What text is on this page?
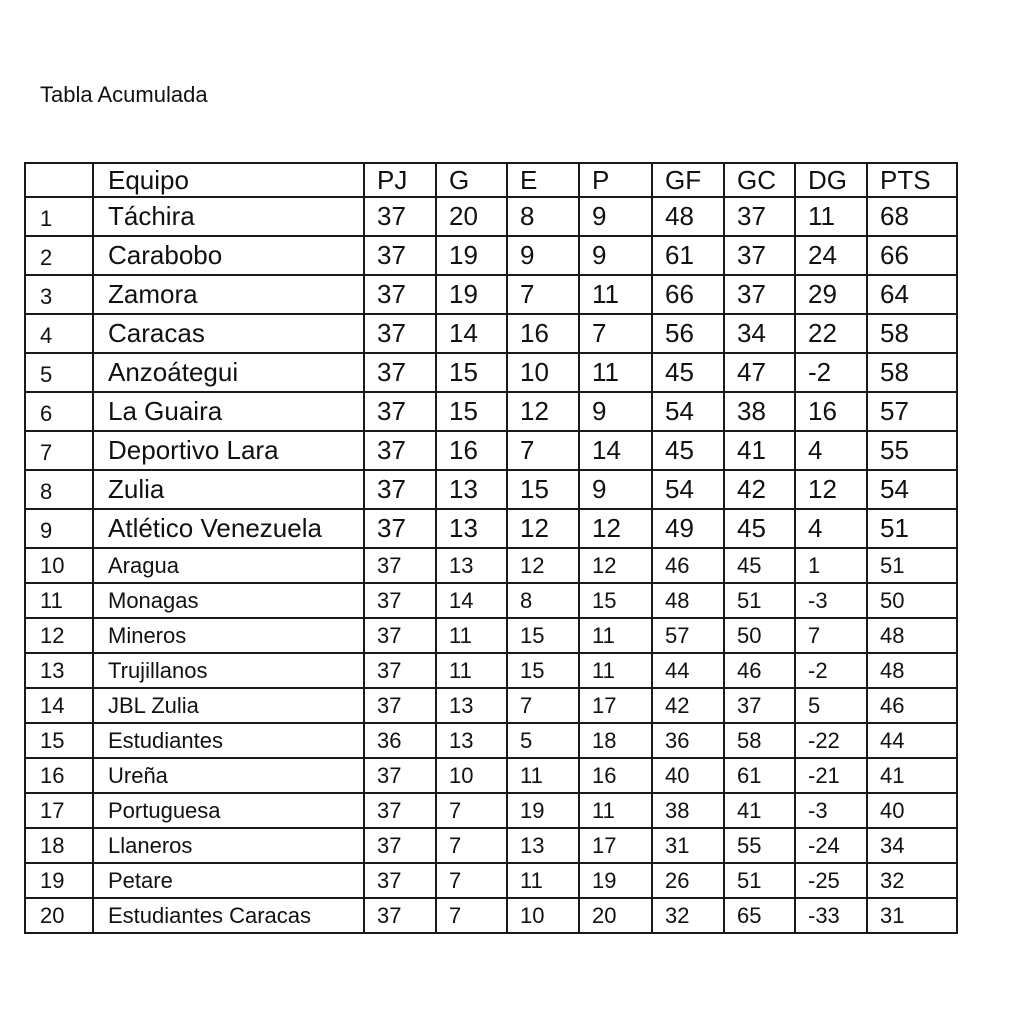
Tabla Acumulada
	Equipo	PJ	G	E	P	GF	GC	DG	PTS
1	Táchira	37	20	8	9	48	37	11	68
2	Carabobo	37	19	9	9	61	37	24	66
3	Zamora	37	19	7	11	66	37	29	64
4	Caracas	37	14	16	7	56	34	22	58
5	Anzoátegui	37	15	10	11	45	47	-2	58
6	La Guaira	37	15	12	9	54	38	16	57
7	Deportivo Lara	37	16	7	14	45	41	4	55
8	Zulia	37	13	15	9	54	42	12	54
9	Atlético Venezuela	37	13	12	12	49	45	4	51
10	Aragua	37	13	12	12	46	45	1	51
11	Monagas	37	14	8	15	48	51	-3	50
12	Mineros	37	11	15	11	57	50	7	48
13	Trujillanos	37	11	15	11	44	46	-2	48
14	JBL Zulia	37	13	7	17	42	37	5	46
15	Estudiantes	36	13	5	18	36	58	-22	44
16	Ureña	37	10	11	16	40	61	-21	41
17	Portuguesa	37	7	19	11	38	41	-3	40
18	Llaneros	37	7	13	17	31	55	-24	34
19	Petare	37	7	11	19	26	51	-25	32
20	Estudiantes Caracas	37	7	10	20	32	65	-33	31
